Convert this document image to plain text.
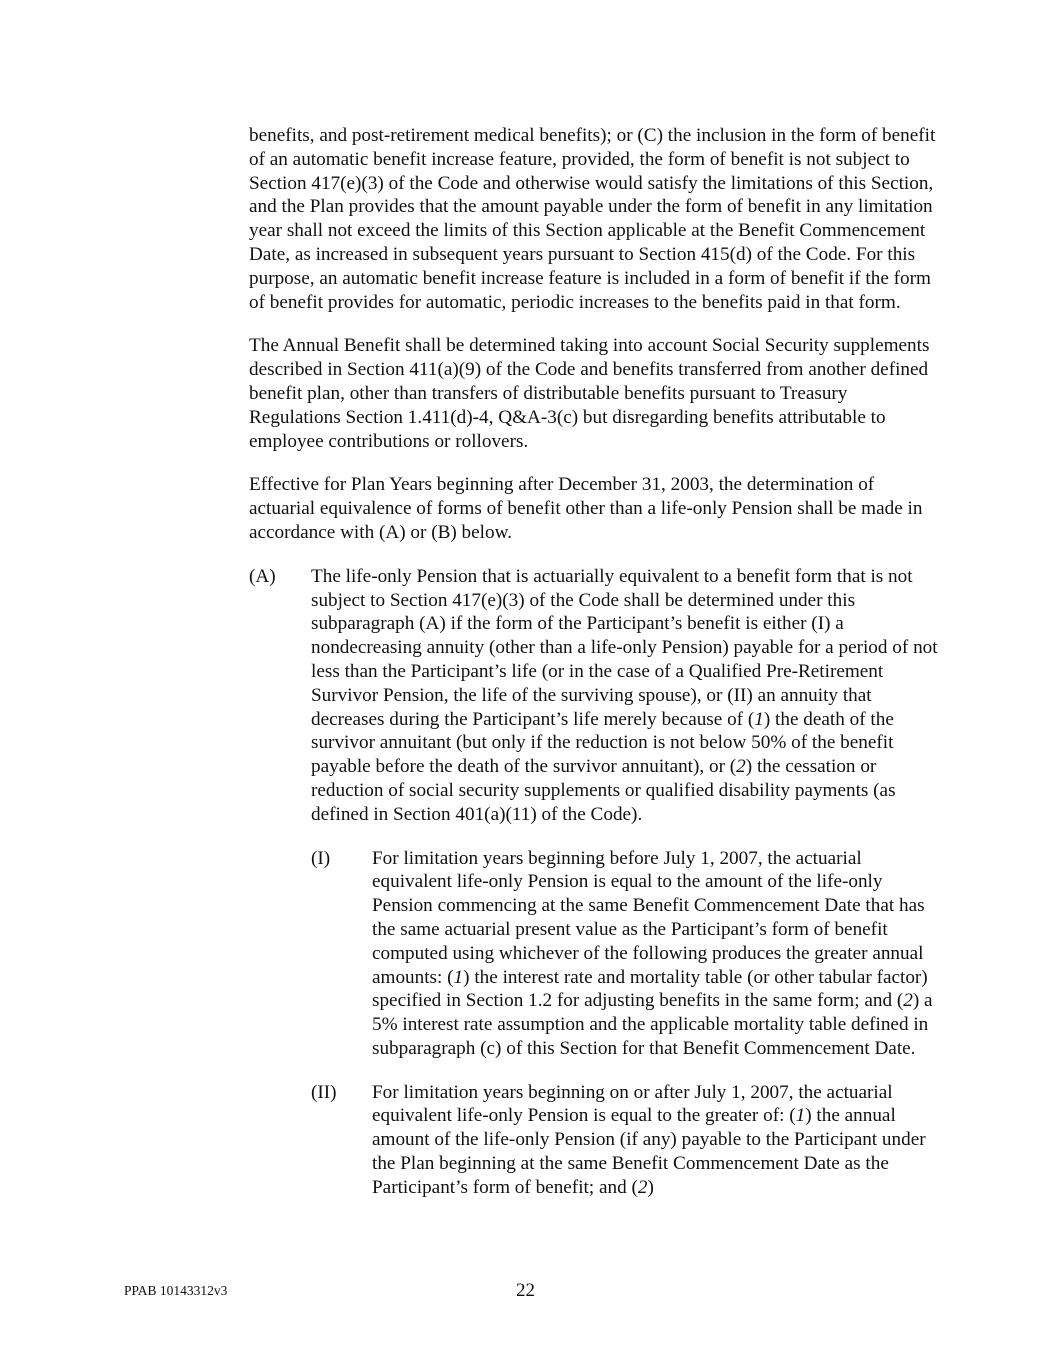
benefits, and post-retirement medical benefits); or (C) the inclusion in the form of benefit of an automatic benefit increase feature, provided, the form of benefit is not subject to Section 417(e)(3) of the Code and otherwise would satisfy the limitations of this Section, and the Plan provides that the amount payable under the form of benefit in any limitation year shall not exceed the limits of this Section applicable at the Benefit Commencement Date, as increased in subsequent years pursuant to Section 415(d) of the Code. For this purpose, an automatic benefit increase feature is included in a form of benefit if the form of benefit provides for automatic, periodic increases to the benefits paid in that form.

The Annual Benefit shall be determined taking into account Social Security supplements described in Section 411(a)(9) of the Code and benefits transferred from another defined benefit plan, other than transfers of distributable benefits pursuant to Treasury Regulations Section 1.411(d)-4, Q&A-3(c) but disregarding benefits attributable to employee contributions or rollovers.

Effective for Plan Years beginning after December 31, 2003, the determination of actuarial equivalence of forms of benefit other than a life-only Pension shall be made in accordance with (A) or (B) below.

(A)	The life-only Pension that is actuarially equivalent to a benefit form that is not subject to Section 417(e)(3) of the Code shall be determined under this subparagraph (A) if the form of the Participant’s benefit is either (I) a nondecreasing annuity (other than a life-only Pension) payable for a period of not less than the Participant’s life (or in the case of a Qualified Pre-Retirement Survivor Pension, the life of the surviving spouse), or (II) an annuity that decreases during the Participant’s life merely because of (1) the death of the survivor annuitant (but only if the reduction is not below 50% of the benefit payable before the death of the survivor annuitant), or (2) the cessation or reduction of social security supplements or qualified disability payments (as defined in Section 401(a)(11) of the Code).
(I)	For limitation years beginning before July 1, 2007, the actuarial equivalent life-only Pension is equal to the amount of the life-only Pension commencing at the same Benefit Commencement Date that has the same actuarial present value as the Participant’s form of benefit computed using whichever of the following produces the greater annual amounts: (1) the interest rate and mortality table (or other tabular factor) specified in Section 1.2 for adjusting benefits in the same form; and (2) a 5% interest rate assumption and the applicable mortality table defined in subparagraph (c) of this Section for that Benefit Commencement Date.
(II)	For limitation years beginning on or after July 1, 2007, the actuarial equivalent life-only Pension is equal to the greater of: (1) the annual amount of the life-only Pension (if any) payable to the Participant under the Plan beginning at the same Benefit Commencement Date as the Participant’s form of benefit; and (2)
PPAB 10143312v3	22
